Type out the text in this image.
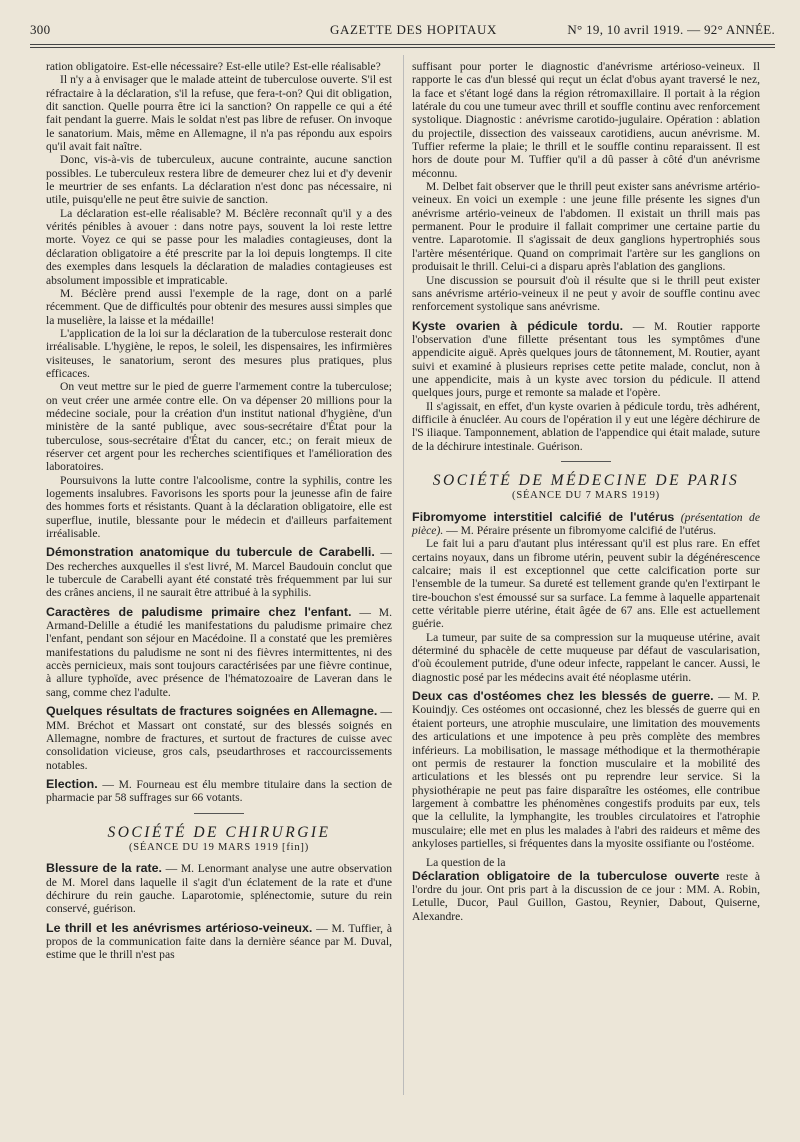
300	GAZETTE DES HOPITAUX	N° 19, 10 avril 1919. — 92° ANNÉE.

ration obligatoire. Est-elle nécessaire? Est-elle utile? Est-elle réalisable?

Il n'y a à envisager que le malade atteint de tuberculose ouverte. S'il est réfractaire à la déclaration, s'il la refuse, que fera-t-on? Qui dit obligation, dit sanction. Quelle pourra être ici la sanction? On rappelle ce qui a été fait pendant la guerre. Mais le soldat n'est pas libre de refuser. On invoque le sanatorium. Mais, même en Allemagne, il n'a pas répondu aux espoirs qu'il avait fait naître.

Donc, vis-à-vis de tuberculeux, aucune contrainte, aucune sanction possibles. Le tuberculeux restera libre de demeurer chez lui et d'y devenir le meurtrier de ses enfants. La déclaration n'est donc pas nécessaire, ni utile, puisqu'elle ne peut être suivie de sanction.

La déclaration est-elle réalisable? M. Béclère reconnaît qu'il y a des vérités pénibles à avouer : dans notre pays, souvent la loi reste lettre morte. Voyez ce qui se passe pour les maladies contagieuses, dont la déclaration obligatoire a été prescrite par la loi depuis longtemps. Il cite des exemples dans lesquels la déclaration de maladies contagieuses est absolument impossible et impraticable.

M. Béclère prend aussi l'exemple de la rage, dont on a parlé récemment. Que de difficultés pour obtenir des mesures aussi simples que la muselière, la laisse et la médaille!

L'application de la loi sur la déclaration de la tuberculose resterait donc irréalisable. L'hygiène, le repos, le soleil, les dispensaires, les infirmières visiteuses, le sanatorium, seront des mesures plus pratiques, plus efficaces.

On veut mettre sur le pied de guerre l'armement contre la tuberculose; on veut créer une armée contre elle. On va dépenser 20 millions pour la médecine sociale, pour la création d'un institut national d'hygiène, d'un ministère de la santé publique, avec sous-secrétaire d'État pour la tuberculose, sous-secrétaire d'État du cancer, etc.; on ferait mieux de réserver cet argent pour les recherches scientifiques et l'amélioration des laboratoires.

Poursuivons la lutte contre l'alcoolisme, contre la syphilis, contre les logements insalubres. Favorisons les sports pour la jeunesse afin de faire des hommes forts et résistants. Quant à la déclaration obligatoire, elle est superflue, inutile, blessante pour le médecin et d'ailleurs parfaitement irréalisable.

Démonstration anatomique du tubercule de Carabelli. — Des recherches auxquelles il s'est livré, M. Marcel Baudouin conclut que le tubercule de Carabelli ayant été constaté très fréquemment par lui sur des crânes anciens, il ne saurait être attribué à la syphilis.

Caractères de paludisme primaire chez l'enfant. — M. Armand-Delille a étudié les manifestations du paludisme primaire chez l'enfant, pendant son séjour en Macédoine. Il a constaté que les premières manifestations du paludisme ne sont ni des fièvres intermittentes, ni des accès pernicieux, mais sont toujours caractérisées par une fièvre continue, à allure typhoïde, avec présence de l'hématozoaire de Laveran dans le sang, comme chez l'adulte.

Quelques résultats de fractures soignées en Allemagne. — MM. Bréchot et Massart ont constaté, sur des blessés soignés en Allemagne, nombre de fractures, et surtout de fractures de cuisse avec consolidation vicieuse, gros cals, pseudarthroses et raccourcissements notables.

Election. — M. Fourneau est élu membre titulaire dans la section de pharmacie par 58 suffrages sur 66 votants.

SOCIÉTÉ DE CHIRURGIE
(SÉANCE DU 19 MARS 1919 [fin])

Blessure de la rate. — M. Lenormant analyse une autre observation de M. Morel dans laquelle il s'agit d'un éclatement de la rate et d'une déchirure du rein gauche. Laparotomie, splénectomie, suture du rein conservé, guérison.

Le thrill et les anévrismes artérioso-veineux. — M. Tuffier, à propos de la communication faite dans la dernière séance par M. Duval, estime que le thrill n'est pas

suffisant pour porter le diagnostic d'anévrisme artérioso-veineux. Il rapporte le cas d'un blessé qui reçut un éclat d'obus ayant traversé le nez, la face et s'étant logé dans la région rétromaxillaire. Il portait à la région latérale du cou une tumeur avec thrill et souffle continu avec renforcement systolique. Diagnostic : anévrisme carotido-jugulaire. Opération : ablation du projectile, dissection des vaisseaux carotidiens, aucun anévrisme. M. Tuffier referme la plaie; le thrill et le souffle continu reparaissent. Il est hors de doute pour M. Tuffier qu'il a dû passer à côté d'un anévrisme méconnu.

M. Delbet fait observer que le thrill peut exister sans anévrisme artério-veineux. En voici un exemple : une jeune fille présente les signes d'un anévrisme artério-veineux de l'abdomen. Il existait un thrill mais pas permanent. Pour le produire il fallait comprimer une certaine partie du ventre. Laparotomie. Il s'agissait de deux ganglions hypertrophiés sous l'artère mésentérique. Quand on comprimait l'artère sur les ganglions on produisait le thrill. Celui-ci a disparu après l'ablation des ganglions.

Une discussion se poursuit d'où il résulte que si le thrill peut exister sans anévrisme artério-veineux il ne peut y avoir de souffle continu avec renforcement systolique sans anévrisme.

Kyste ovarien à pédicule tordu. — M. Routier rapporte l'observation d'une fillette présentant tous les symptômes d'une appendicite aiguë. Après quelques jours de tâtonnement, M. Routier, ayant suivi et examiné à plusieurs reprises cette petite malade, conclut, non à une appendicite, mais à un kyste avec torsion du pédicule. Il attend quelques jours, purge et remonte sa malade et l'opère.

Il s'agissait, en effet, d'un kyste ovarien à pédicule tordu, très adhérent, difficile à énucléer. Au cours de l'opération il y eut une légère déchirure de l'S iliaque. Tamponnement, ablation de l'appendice qui était malade, suture de la déchirure intestinale. Guérison.

SOCIÉTÉ DE MÉDECINE DE PARIS
(SÉANCE DU 7 MARS 1919)

Fibromyome interstitiel calcifié de l'utérus (présentation de pièce). — M. Péraire présente un fibromyome calcifié de l'utérus.

Le fait lui a paru d'autant plus intéressant qu'il est plus rare. En effet certains noyaux, dans un fibrome utérin, peuvent subir la dégénérescence calcaire; mais il est exceptionnel que cette calcification porte sur l'ensemble de la tumeur. Sa dureté est tellement grande qu'en l'extirpant le tire-bouchon s'est émoussé sur sa surface. La femme à laquelle appartenait cette véritable pierre utérine, était âgée de 67 ans. Elle est actuellement guérie.

La tumeur, par suite de sa compression sur la muqueuse utérine, avait déterminé du sphacèle de cette muqueuse par défaut de vascularisation, d'où écoulement putride, d'une odeur infecte, rappelant le cancer. Aussi, le diagnostic posé par les médecins avait été néoplasme utérin.

Deux cas d'ostéomes chez les blessés de guerre. — M. P. Kouindjy. Ces ostéomes ont occasionné, chez les blessés de guerre qui en étaient porteurs, une atrophie musculaire, une limitation des mouvements des articulations et une impotence à peu près complète des membres inférieurs. La mobilisation, le massage méthodique et la thermothérapie ont permis de restaurer la fonction musculaire et la mobilité des articulations et les blessés ont pu reprendre leur service. Si la physiothérapie ne peut pas faire disparaître les ostéomes, elle contribue largement à combattre les phénomènes congestifs produits par eux, tels que la cellulite, la lymphangite, les troubles circulatoires et l'atrophie musculaire; elle met en plus les malades à l'abri des raideurs et même des ankyloses partielles, si fréquentes dans la myosite ossifiante ou l'ostéome.

La question de la

Déclaration obligatoire de la tuberculose ouverte reste à l'ordre du jour. Ont pris part à la discussion de ce jour : MM. A. Robin, Letulle, Ducor, Paul Guillon, Gastou, Reynier, Dabout, Quiserne, Alexandre.
